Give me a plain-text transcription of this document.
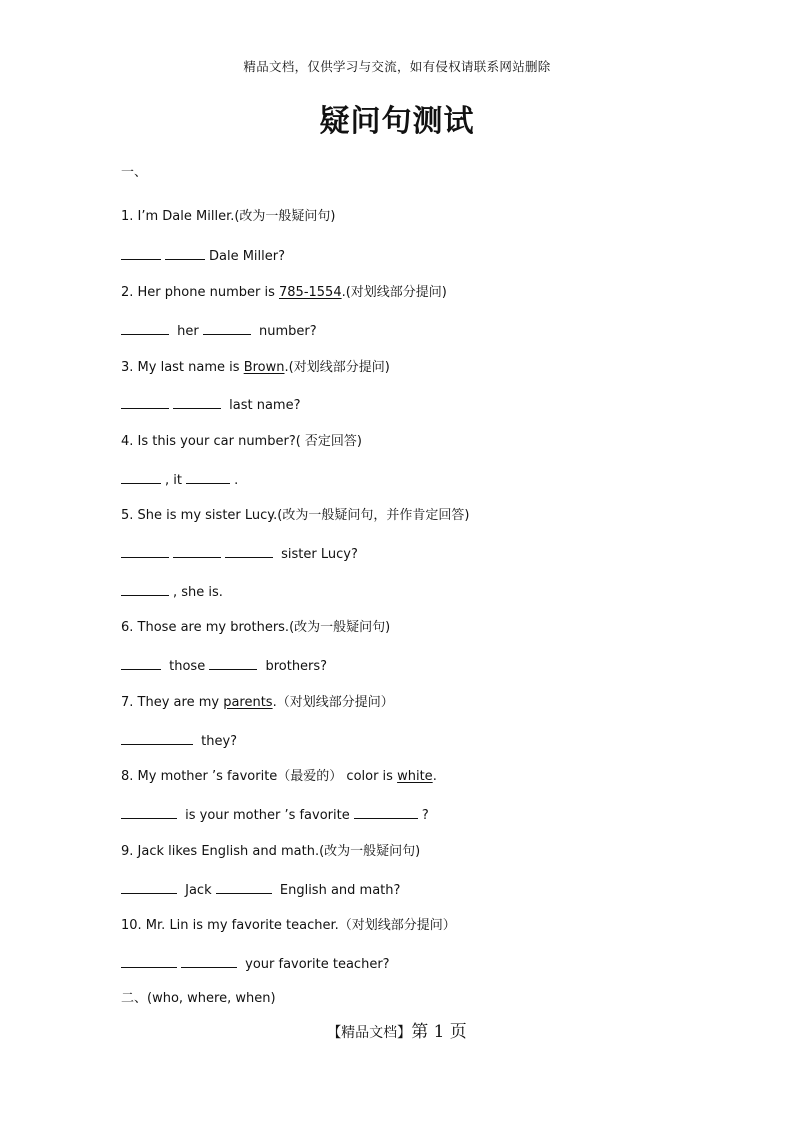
精品文档，仅供学习与交流，如有侵权请联系网站删除
疑问句测试
一、
1. I’m Dale Miller.(改为一般疑问句)
Dale Miller?
2. Her phone number is 785-1554.(对划线部分提问)
her	number?
3. My last name is Brown.(对划线部分提问)
last name?
4. Is this your car number?( 否定回答)
, it	.
5. She is my sister Lucy.(改为一般疑问句，并作肯定回答)
sister Lucy?
, she is.
6. Those are my brothers.(改为一般疑问句)
those	brothers?
7. They are my parents.（对划线部分提问）
they?
8. My mother ’s favorite（最爱的） color is white.
is your mother ’s favorite	?
9. Jack likes English and math.(改为一般疑问句)
Jack	English and math?
10. Mr. Lin is my favorite teacher.（对划线部分提问）
your favorite teacher?
二、(who, where, when)
【精品文档】第 1 页
